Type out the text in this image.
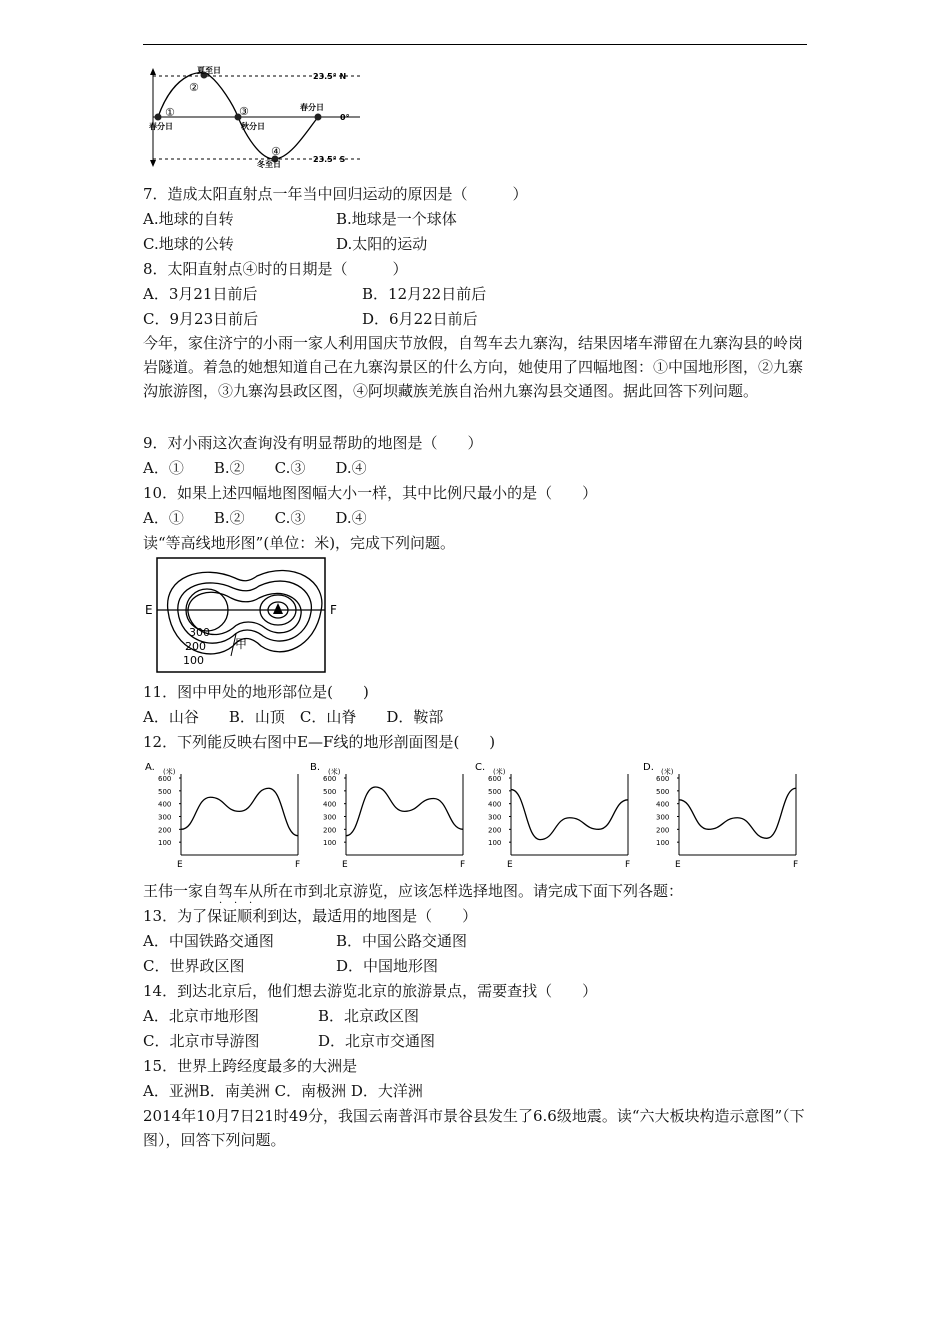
①
②
③
④
夏至日
春分日	秋分日
春分日
冬至日
23.5° N
0°
23.5° S
7．造成太阳直射点一年当中回归运动的原因是（　　　）
A.地球的自转	B.地球是一个球体
C.地球的公转	D.太阳的运动
8．太阳直射点④时的日期是（　　　）
A．3月21日前后	B．12月22日前后
C．9月23日前后	D．6月22日前后
今年，家住济宁的小雨一家人利用国庆节放假，自驾车去九寨沟，结果因堵车滞留在九寨沟县的岭岗岩隧道。着急的她想知道自己在九寨沟景区的什么方向，她使用了四幅地图：①中国地形图，②九寨沟旅游图，③九寨沟县政区图，④阿坝藏族羌族自治州九寨沟县交通图。据此回答下列问题。
9．对小雨这次查询没有明显帮助的地图是（　　）
A．①　　B.②　　C.③　　D.④
10．如果上述四幅地图图幅大小一样，其中比例尺最小的是（　　）
A．①　　B.②　　C.③　　D.④
读“等高线地形图”(单位：米)，完成下列问题。
E	F
300
200
100
甲
11．图中甲处的地形部位是(　　)
A．山谷　　B．山顶　C．山脊　　D．鞍部
12．下列能反映右图中E—F线的地形剖面图是(　　)
A. (米)
600
500
400
300
200
100
E	F
B. (米)
600
500
400
300
200
100
E	F
C. (米)
600
500
400
300
200
100
E	F
D. (米)
600
500
400
300
200
100
E	F
王伟一家自驾车从所在市到北京游览，应该怎样选择地图。请完成下面下列各题：
· · ·
13．为了保证顺利到达，最适用的地图是（　　）
A．中国铁路交通图	B．中国公路交通图
C．世界政区图	D．中国地形图
14．到达北京后，他们想去游览北京的旅游景点，需要查找（　　）
A．北京市地形图	B．北京政区图
C．北京市导游图	D．北京市交通图
15．世界上跨经度最多的大洲是
A．亚洲B．南美洲 C．南极洲 D．大洋洲
2014年10月7日21时49分，我国云南普洱市景谷县发生了6.6级地震。读“六大板块构造示意图”（下图），回答下列问题。
